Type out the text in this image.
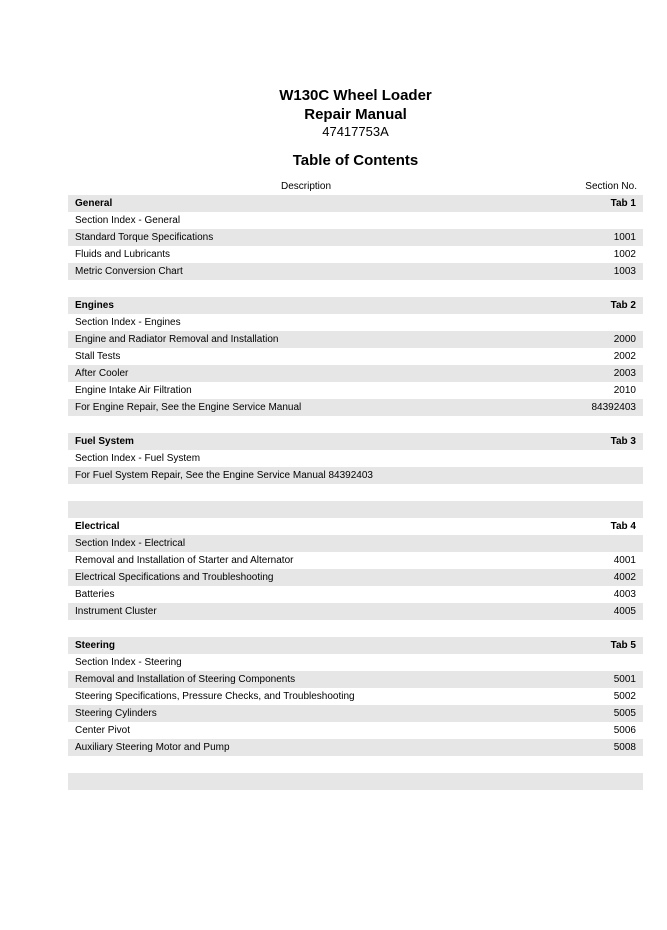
W130C Wheel Loader
Repair Manual
47417753A
Table of Contents
Description	Section No.
General	Tab 1
Section Index - General
Standard Torque Specifications	1001
Fluids and Lubricants	1002
Metric Conversion Chart	1003
Engines	Tab 2
Section Index - Engines
Engine and Radiator Removal and Installation	2000
Stall Tests	2002
After Cooler	2003
Engine Intake Air Filtration	2010
For Engine Repair, See the Engine Service Manual	84392403
Fuel System	Tab 3
Section Index - Fuel System
For Fuel System Repair, See the Engine Service Manual 84392403
Electrical	Tab 4
Section Index - Electrical
Removal and Installation of Starter and Alternator	4001
Electrical Specifications and Troubleshooting	4002
Batteries	4003
Instrument Cluster	4005
Steering	Tab 5
Section Index - Steering
Removal and Installation of Steering Components	5001
Steering Specifications, Pressure Checks, and Troubleshooting	5002
Steering Cylinders	5005
Center Pivot	5006
Auxiliary Steering Motor and Pump	5008
